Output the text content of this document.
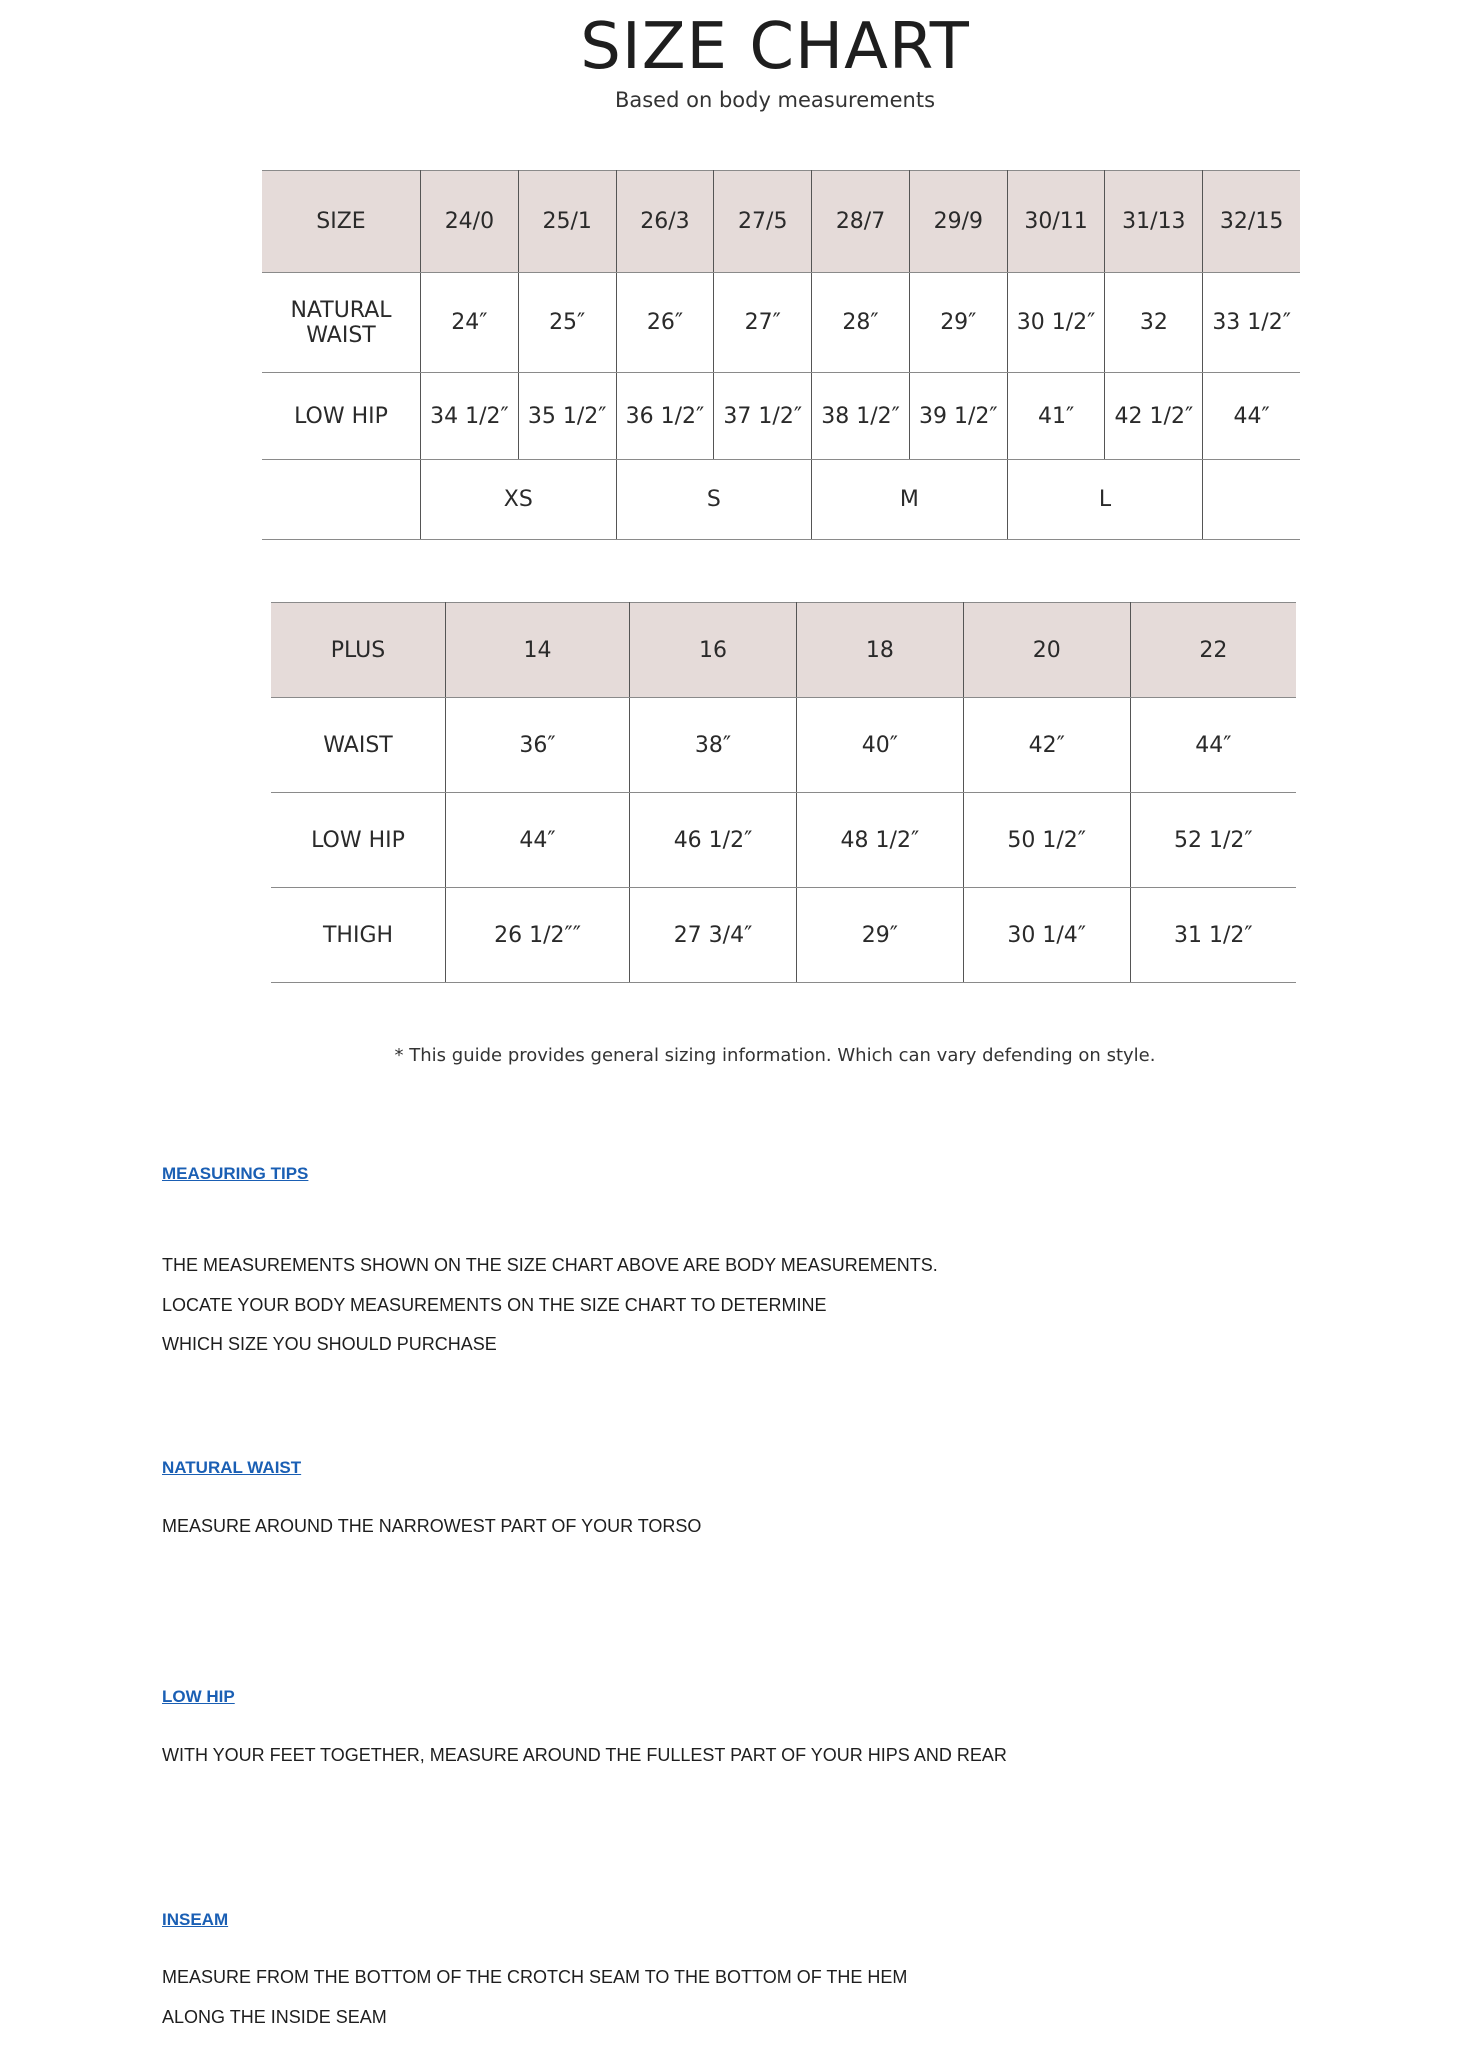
SIZE CHART
Based on body measurements
SIZE	24/0	25/1	26/3	27/5	28/7	29/9	30/11	31/13	32/15

NATURAL
WAIST	24″	25″	26″	27″	28″	29″	30 1/2″	32	33 1/2″
LOW HIP	34 1/2″	35 1/2″	36 1/2″	37 1/2″	38 1/2″	39 1/2″	41″	42 1/2″	44″
	XS		S		M		L		
PLUS	14	16	18	20	22
WAIST	36″	38″	40″	42″	44″
LOW HIP	44″	46 1/2″	48 1/2″	50 1/2″	52 1/2″
THIGH	26 1/2″″	27 3/4″	29″	30 1/4″	31 1/2″
* This guide provides general sizing information. Which can vary defending on style.
MEASURING TIPS
THE MEASUREMENTS SHOWN ON THE SIZE CHART ABOVE ARE BODY MEASUREMENTS.
LOCATE YOUR BODY MEASUREMENTS ON THE SIZE CHART TO DETERMINE
WHICH SIZE YOU SHOULD PURCHASE
NATURAL WAIST
MEASURE AROUND THE NARROWEST PART OF YOUR TORSO
LOW HIP
WITH YOUR FEET TOGETHER, MEASURE AROUND THE FULLEST PART OF YOUR HIPS AND REAR
INSEAM
MEASURE FROM THE BOTTOM OF THE CROTCH SEAM TO THE BOTTOM OF THE HEM
ALONG THE INSIDE SEAM
